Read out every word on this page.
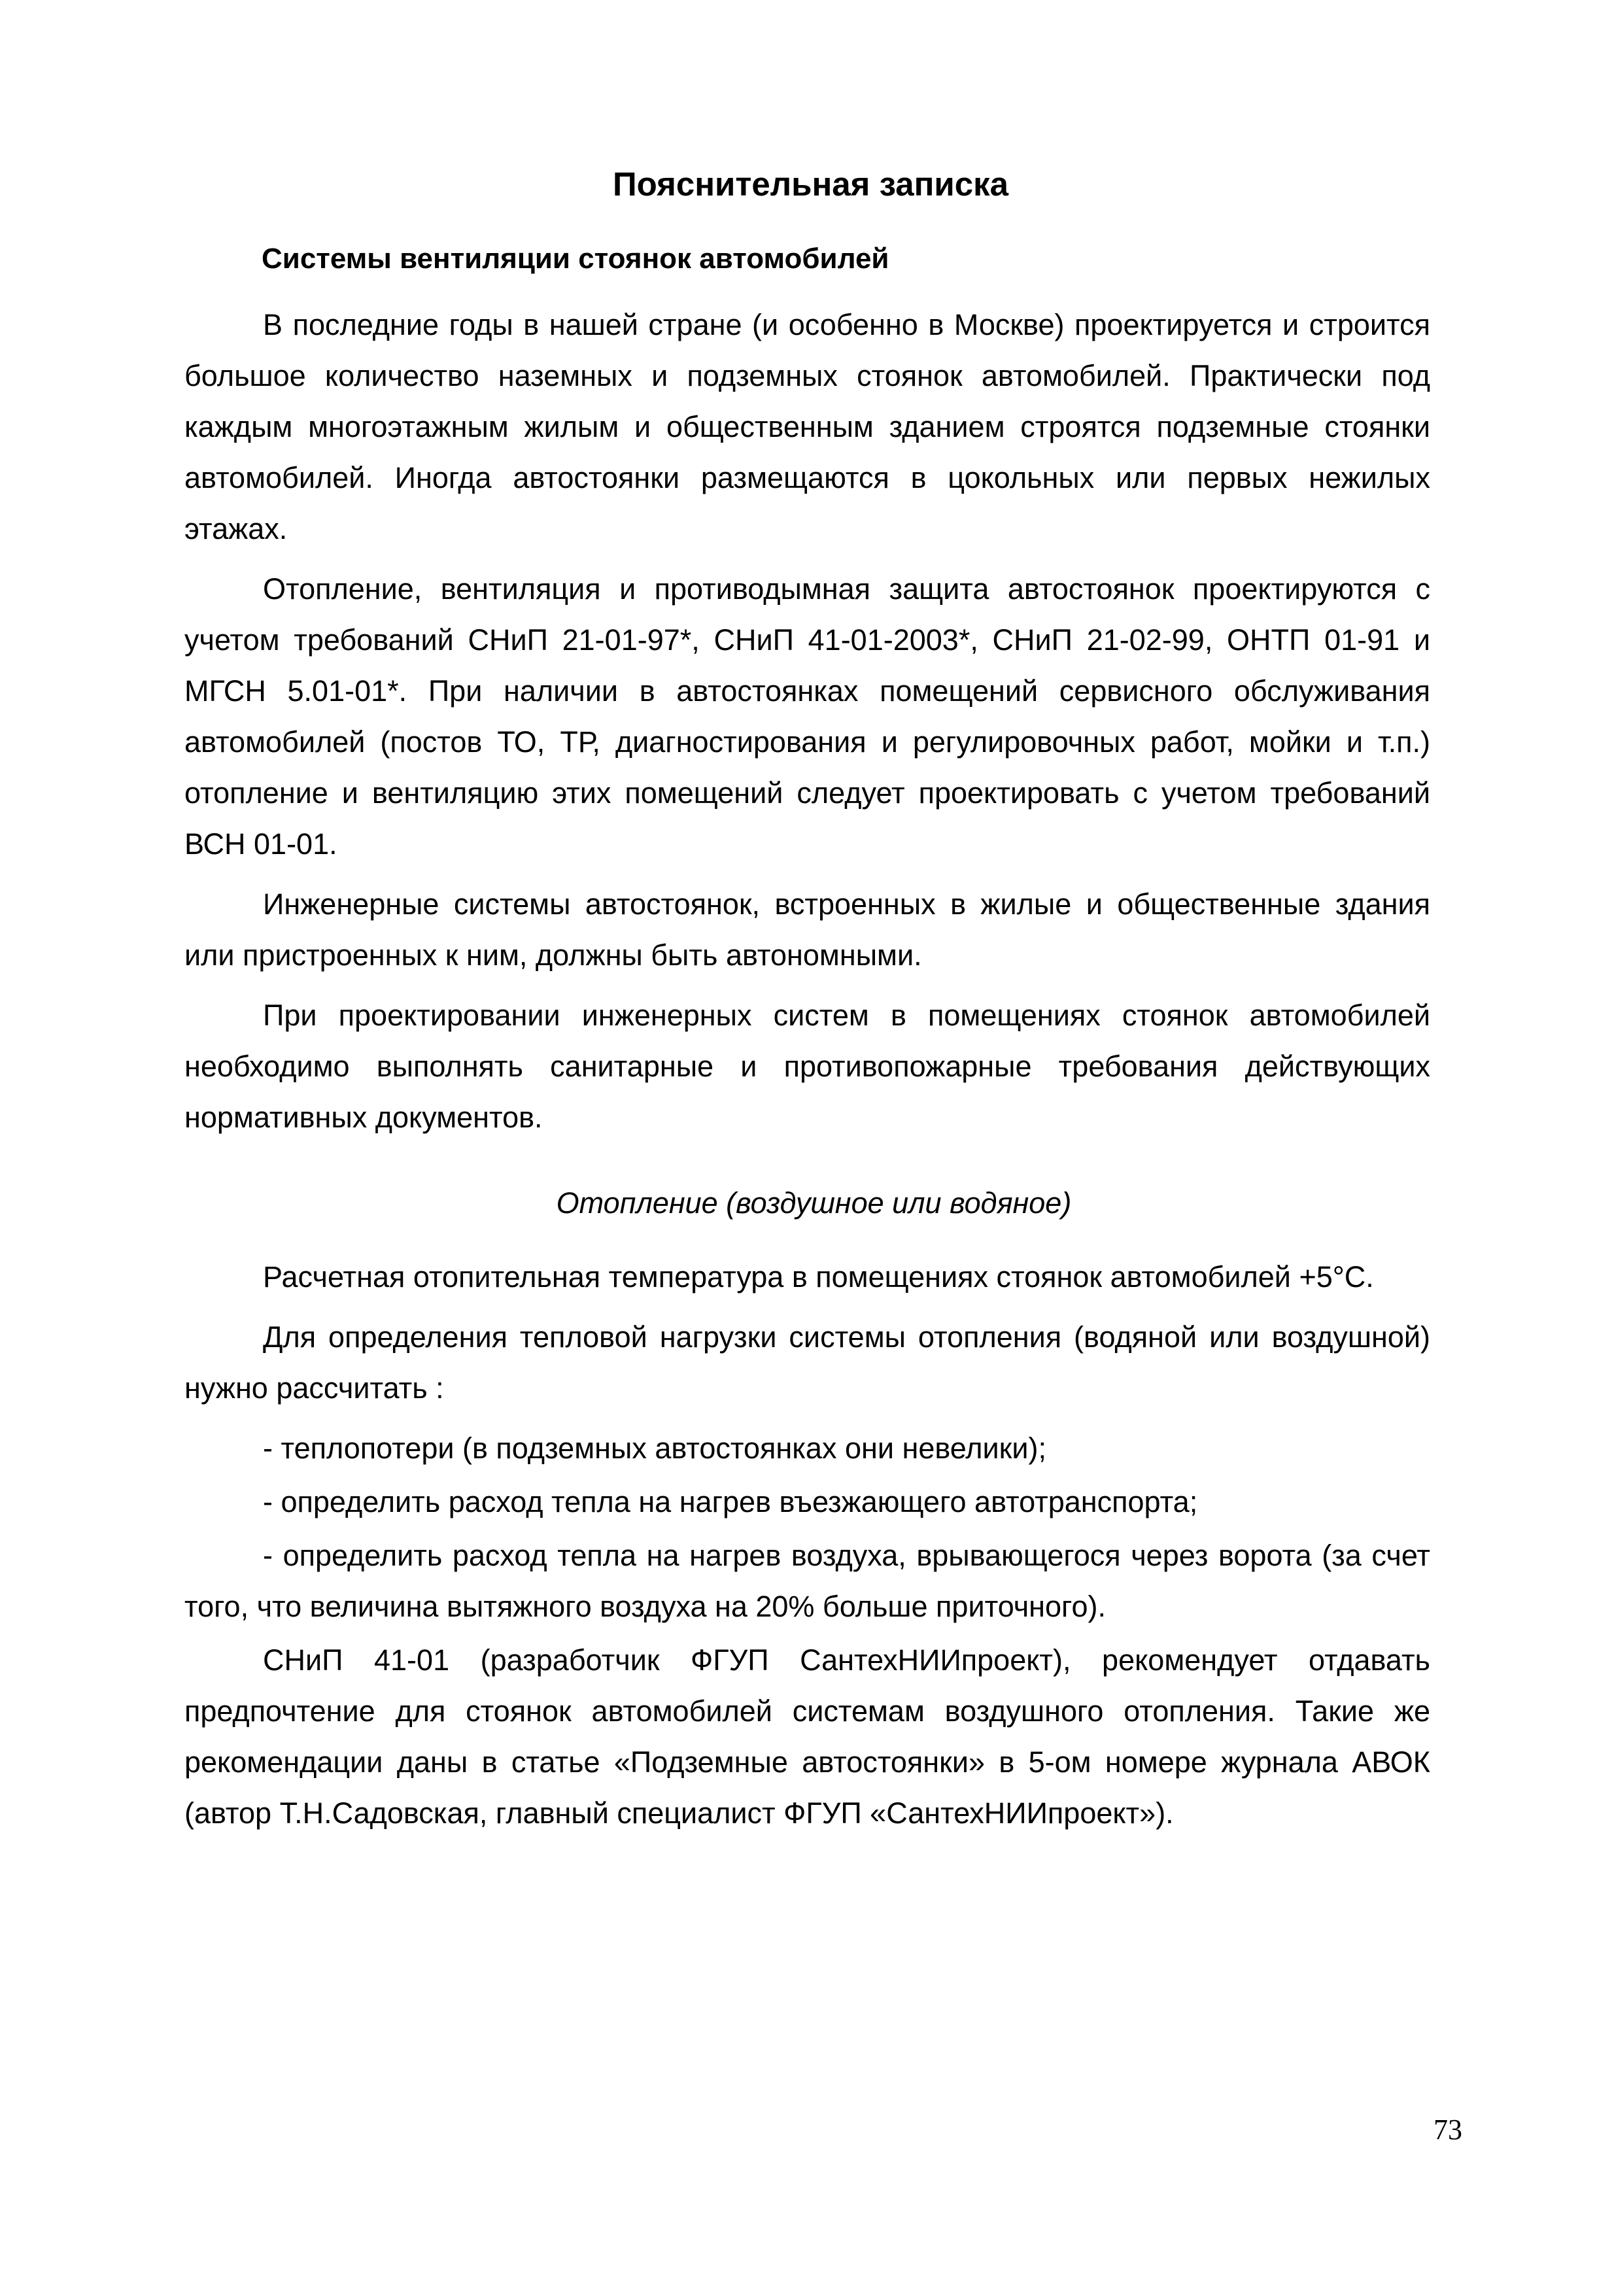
Пояснительная записка
Системы вентиляции стоянок автомобилей

В последние годы в нашей стране (и особенно в Москве) проектируется и строится большое количество наземных и подземных стоянок автомобилей. Практически под каждым многоэтажным жилым и общественным зданием строятся подземные стоянки автомобилей. Иногда автостоянки размещаются в цокольных или первых нежилых этажах.

Отопление, вентиляция и противодымная защита автостоянок проектируются с учетом требований СНиП 21-01-97*, СНиП 41-01-2003*, СНиП 21-02-99, ОНТП 01-91 и МГСН 5.01-01*. При наличии в автостоянках помещений сервисного обслуживания автомобилей (постов ТО, ТР, диагностирования и регулировочных работ, мойки и т.п.) отопление и вентиляцию этих помещений следует проектировать с учетом требований ВСН 01-01.

Инженерные системы автостоянок, встроенных в жилые и общественные здания или пристроенных к ним, должны быть автономными.

При проектировании инженерных систем в помещениях стоянок автомобилей необходимо выполнять санитарные и противопожарные требования действующих нормативных документов.

Отопление (воздушное или водяное)

Расчетная отопительная температура в помещениях стоянок автомобилей +5°С.

Для определения тепловой нагрузки системы отопления (водяной или воздушной) нужно рассчитать :

- теплопотери (в подземных автостоянках они невелики);

- определить расход тепла на нагрев въезжающего автотранспорта;

- определить расход тепла на нагрев воздуха, врывающегося через ворота (за счет того, что величина вытяжного воздуха на 20% больше приточного).

СНиП 41-01 (разработчик ФГУП СантехНИИпроект), рекомендует отдавать предпочтение для стоянок автомобилей системам воздушного отопления. Такие же рекомендации даны в статье «Подземные автостоянки» в 5-ом номере журнала АВОК (автор Т.Н.Садовская, главный специалист ФГУП «СантехНИИпроект»).

73
